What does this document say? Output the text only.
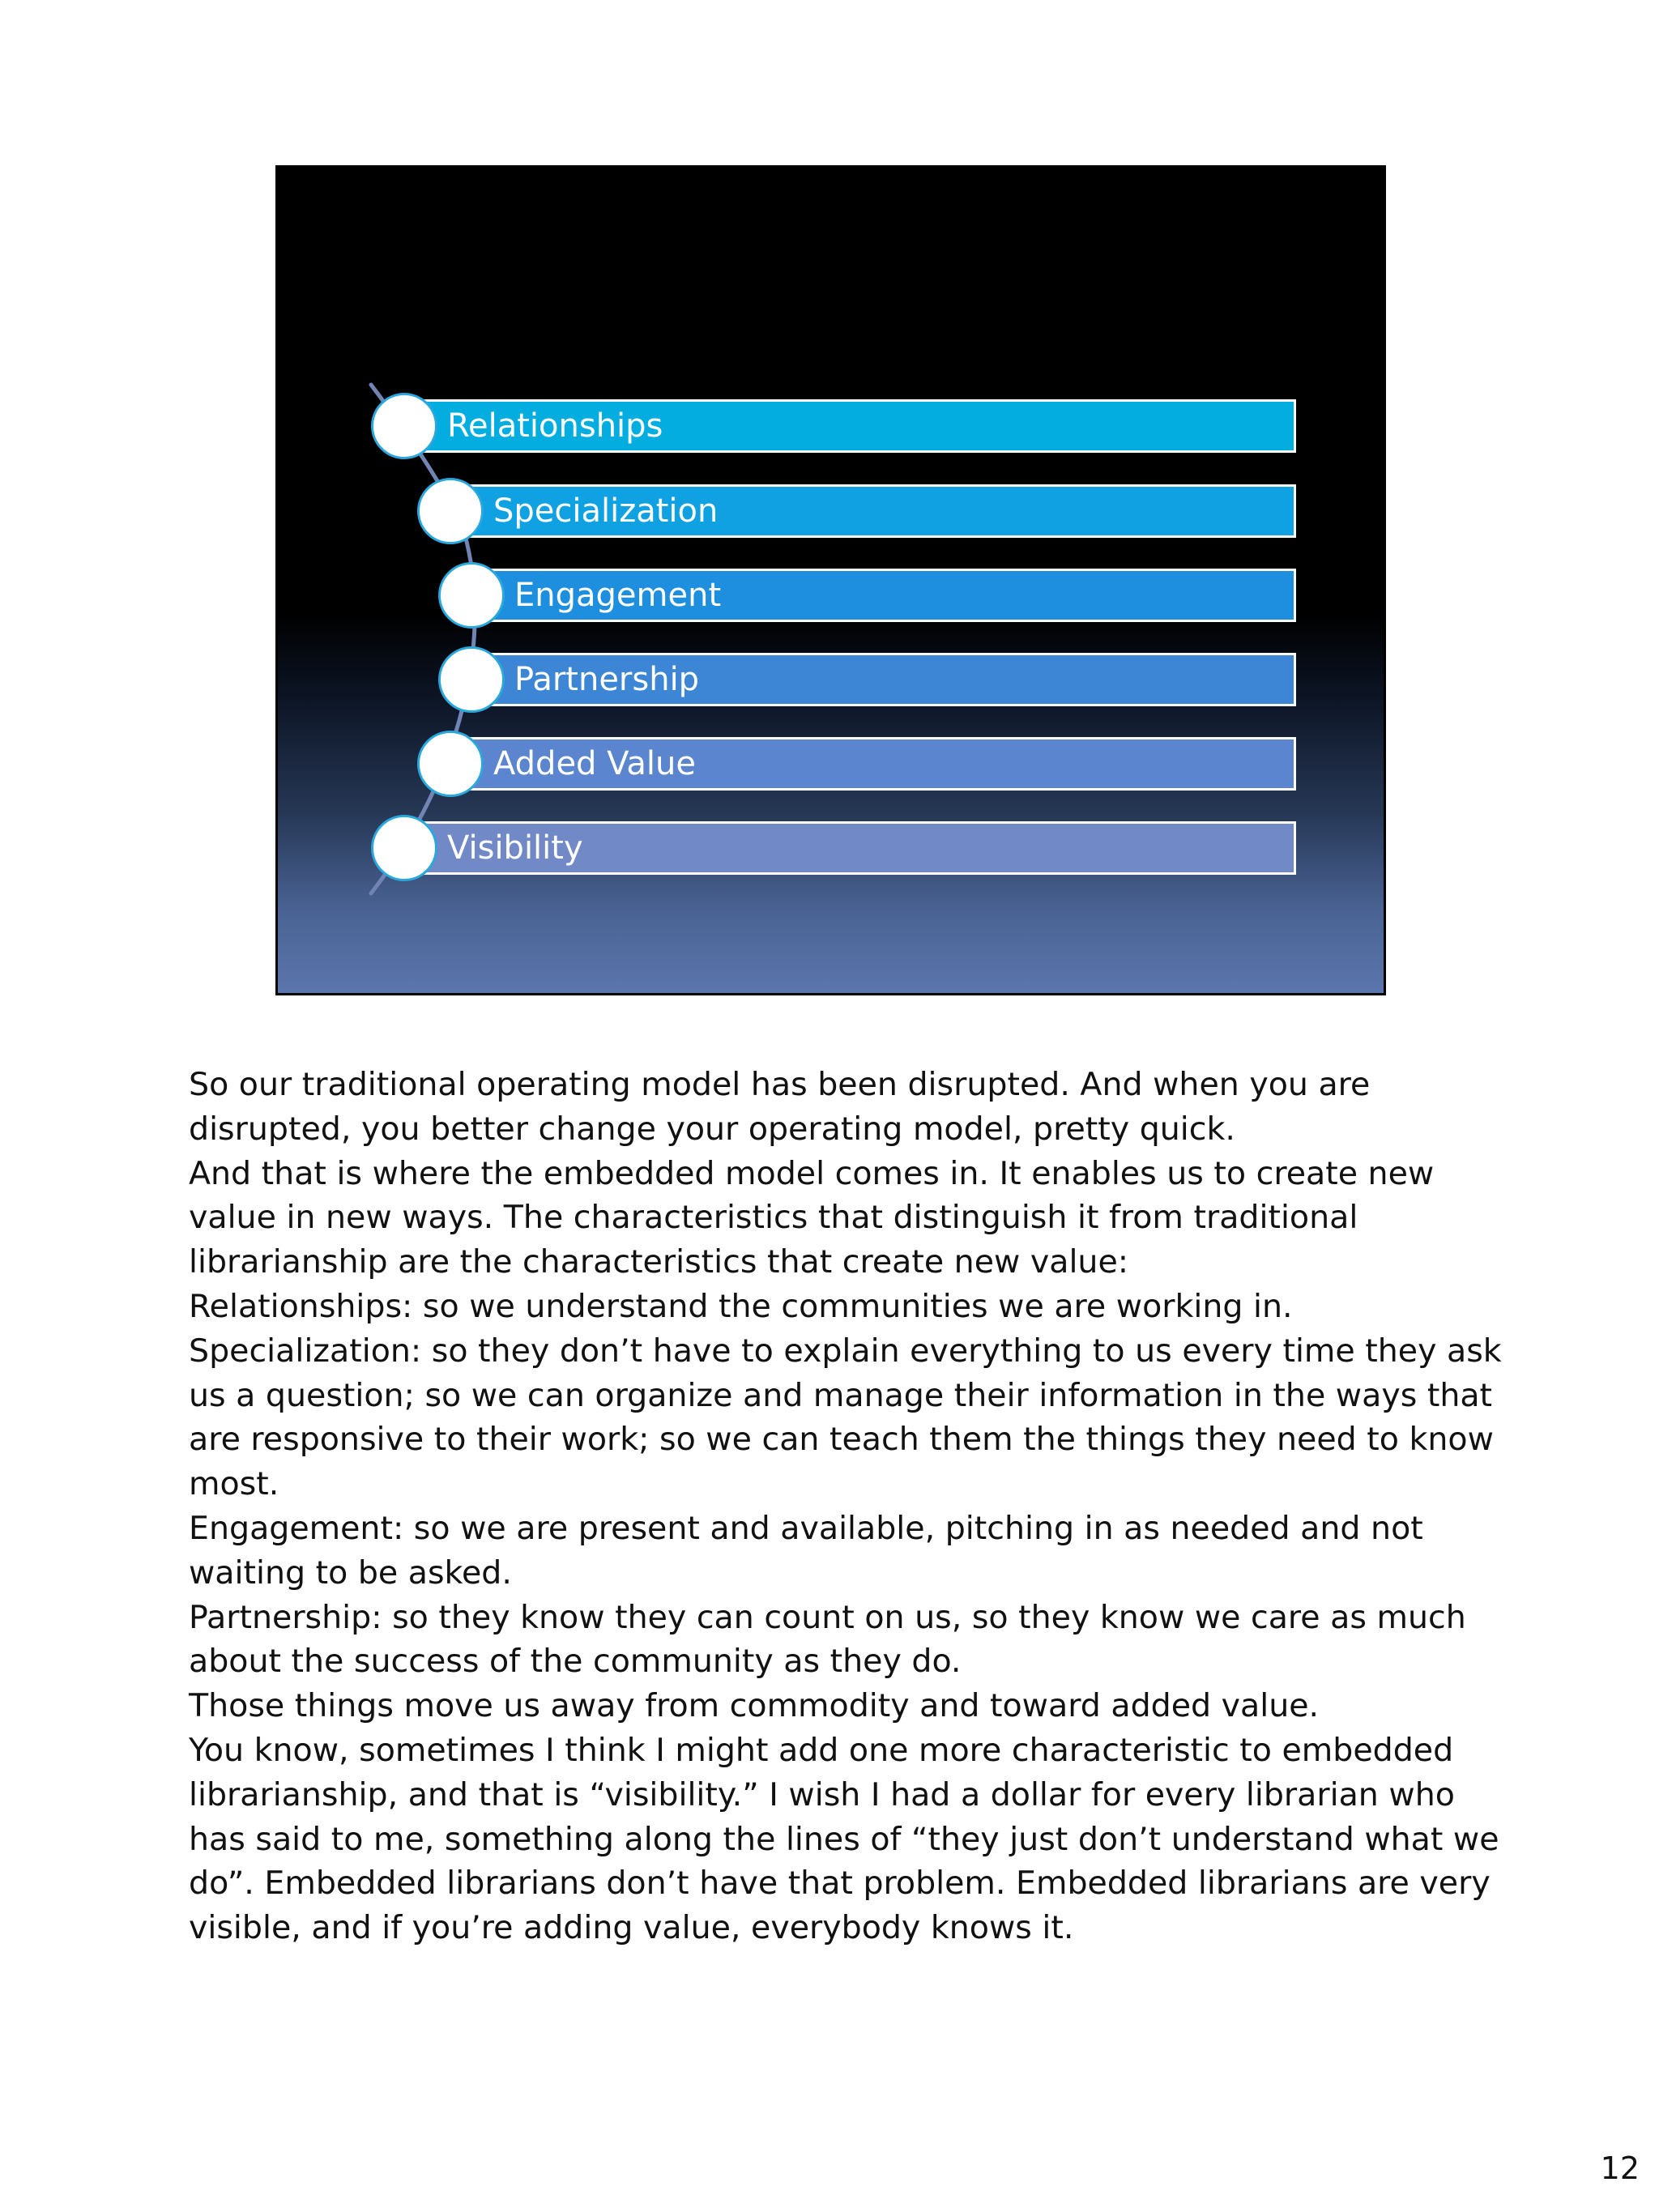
Relationships
Specialization
Engagement
Partnership
Added Value
Visibility

So our traditional operating model has been disrupted. And when you are disrupted, you better change your operating model, pretty quick.

And that is where the embedded model comes in. It enables us to create new value in new ways. The characteristics that distinguish it from traditional librarianship are the characteristics that create new value:

Relationships: so we understand the communities we are working in.

Specialization: so they don’t have to explain everything to us every time they ask us a question; so we can organize and manage their information in the ways that are responsive to their work; so we can teach them the things they need to know most.

Engagement: so we are present and available, pitching in as needed and not waiting to be asked.

Partnership: so they know they can count on us, so they know we care as much about the success of the community as they do.

Those things move us away from commodity and toward added value.

You know, sometimes I think I might add one more characteristic to embedded librarianship, and that is “visibility.” I wish I had a dollar for every librarian who has said to me, something along the lines of “they just don’t understand what we do”. Embedded librarians don’t have that problem. Embedded librarians are very visible, and if you’re adding value, everybody knows it.

12
